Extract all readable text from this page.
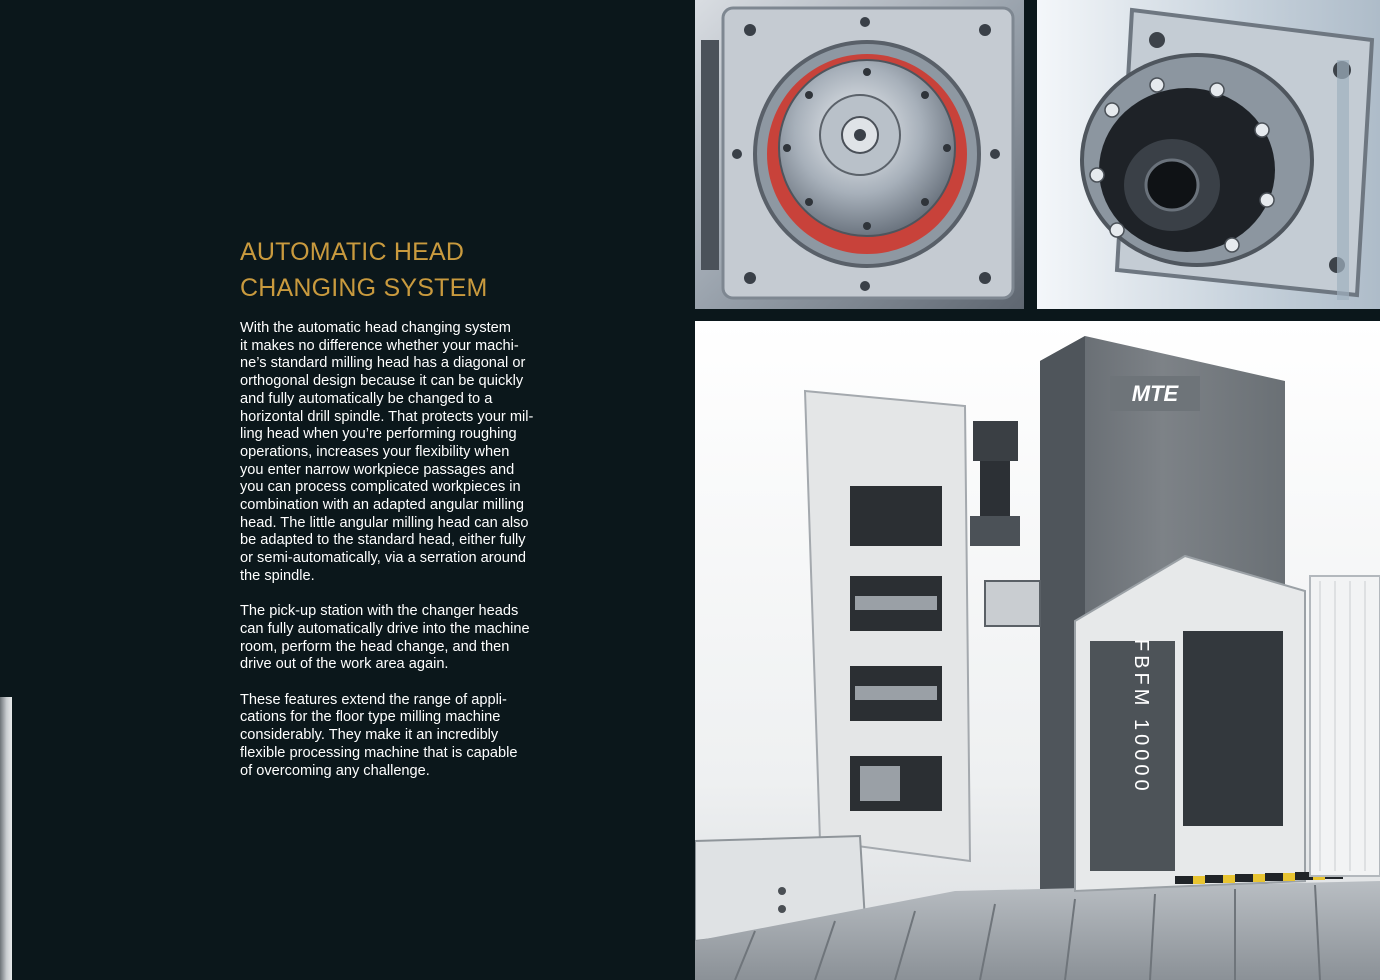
AUTOMATIC HEAD
CHANGING SYSTEM

With the automatic head changing system
it makes no difference whether your machi-
ne’s standard milling head has a diagonal or
orthogonal design because it can be quickly
and fully automatically be changed to a
horizontal drill spindle. That protects your mil-
ling head when you’re performing roughing
operations, increases your flexibility when
you enter narrow workpiece passages and
you can process complicated workpieces in
combination with an adapted angular milling
head. The little angular milling head can also
be adapted to the standard head, either fully
or semi-automatically, via a serration around
the spindle.

The pick-up station with the changer heads
can fully automatically drive into the machine
room, perform the head change, and then
drive out of the work area again.

These features extend the range of appli-
cations for the floor type milling machine
considerably. They make it an incredibly
flexible processing machine that is capable
of overcoming any challenge.

MTE
FBFM 10000
